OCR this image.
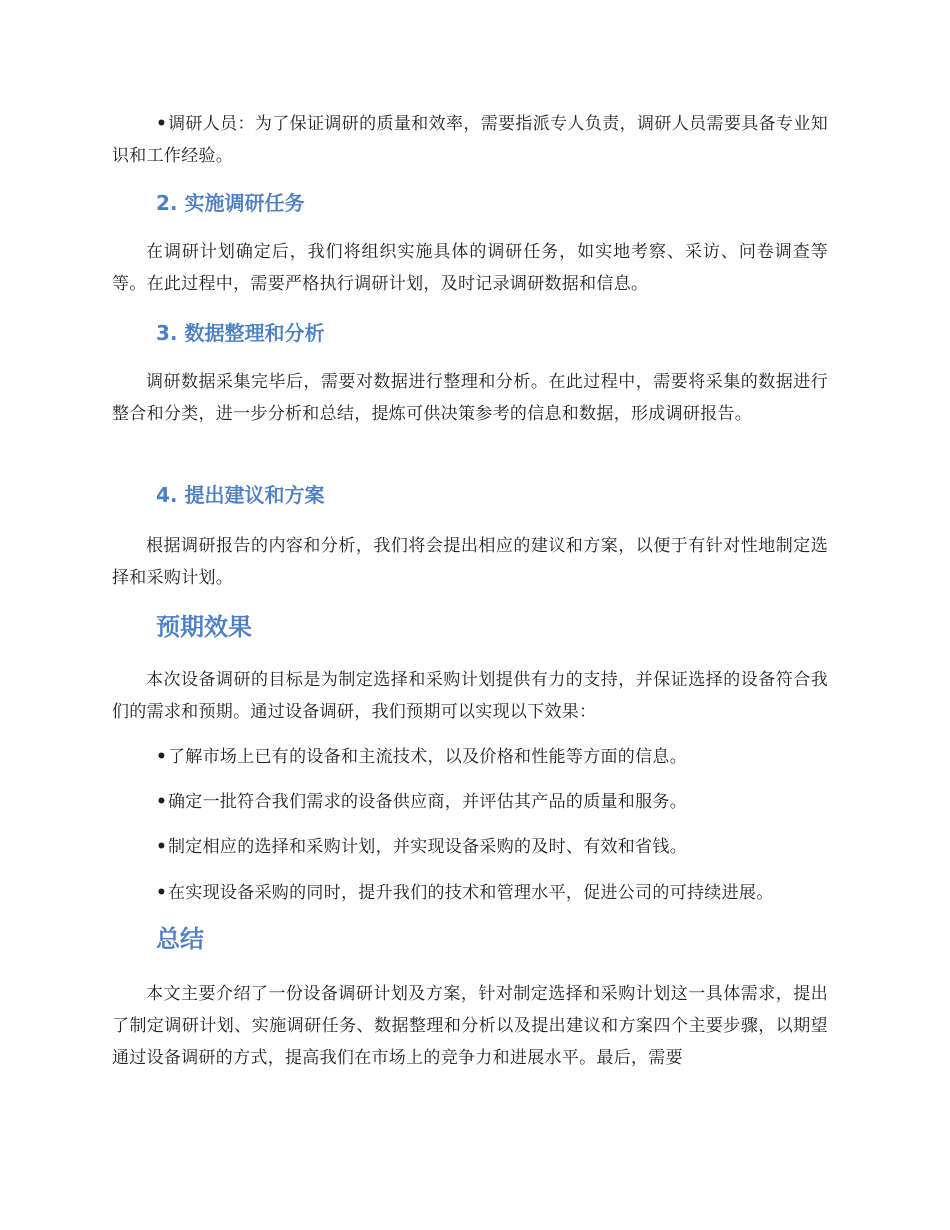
•调研人员：为了保证调研的质量和效率，需要指派专人负责，调研人员需要具备专业知识和工作经验。

2. 实施调研任务

在调研计划确定后，我们将组织实施具体的调研任务，如实地考察、采访、问卷调查等等。在此过程中，需要严格执行调研计划，及时记录调研数据和信息。

3. 数据整理和分析

调研数据采集完毕后，需要对数据进行整理和分析。在此过程中，需要将采集的数据进行整合和分类，进一步分析和总结，提炼可供决策参考的信息和数据，形成调研报告。

4. 提出建议和方案

根据调研报告的内容和分析，我们将会提出相应的建议和方案，以便于有针对性地制定选择和采购计划。

预期效果

本次设备调研的目标是为制定选择和采购计划提供有力的支持，并保证选择的设备符合我们的需求和预期。通过设备调研，我们预期可以实现以下效果：

•了解市场上已有的设备和主流技术，以及价格和性能等方面的信息。

•确定一批符合我们需求的设备供应商，并评估其产品的质量和服务。

•制定相应的选择和采购计划，并实现设备采购的及时、有效和省钱。

•在实现设备采购的同时，提升我们的技术和管理水平，促进公司的可持续进展。

总结

本文主要介绍了一份设备调研计划及方案，针对制定选择和采购计划这一具体需求，提出了制定调研计划、实施调研任务、数据整理和分析以及提出建议和方案四个主要步骤，以期望通过设备调研的方式，提高我们在市场上的竞争力和进展水平。最后，需要
